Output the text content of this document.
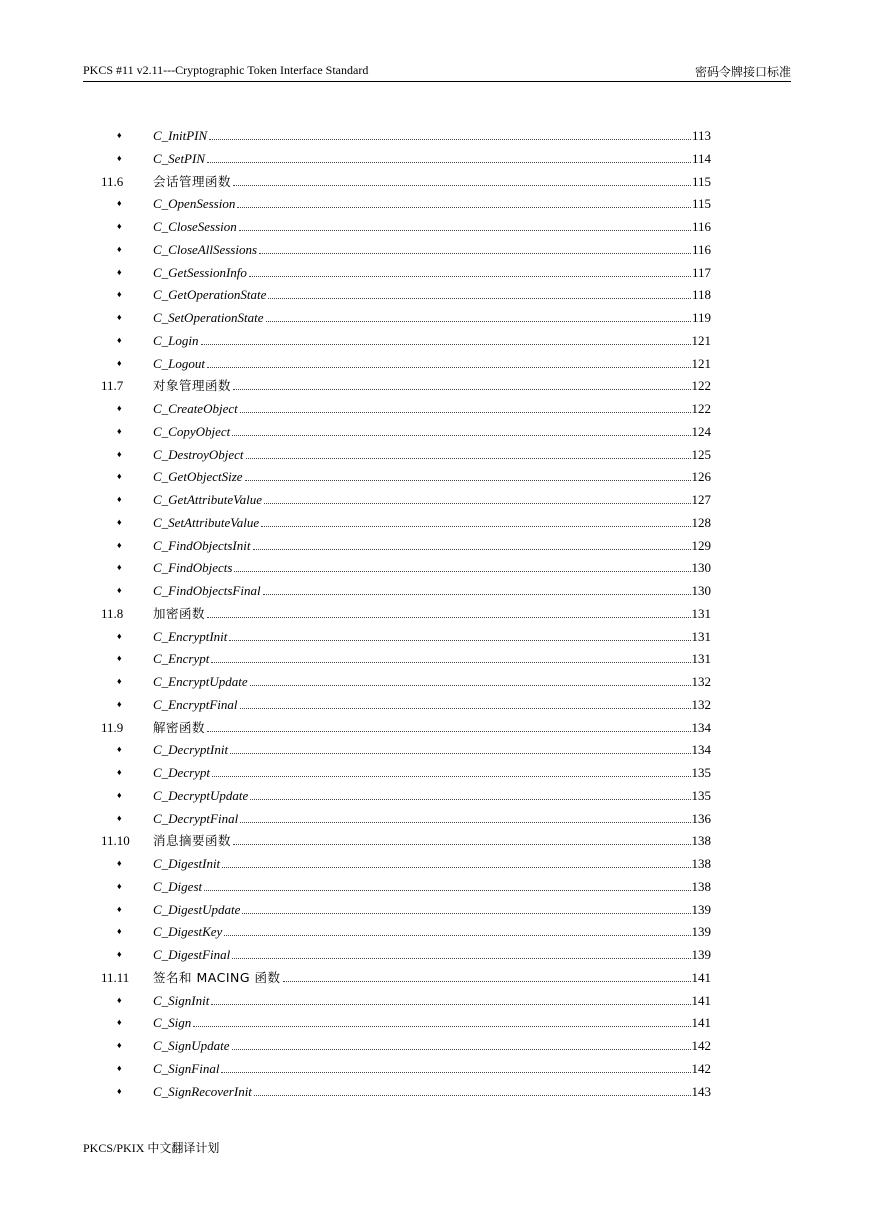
PKCS #11 v2.11---Cryptographic Token Interface Standard	密码令牌接口标准
♦ C_InitPIN	113
♦ C_SetPIN	114
11.6 会话管理函数	115
♦ C_OpenSession	115
♦ C_CloseSession	116
♦ C_CloseAllSessions	116
♦ C_GetSessionInfo	117
♦ C_GetOperationState	118
♦ C_SetOperationState	119
♦ C_Login	121
♦ C_Logout	121
11.7 对象管理函数	122
♦ C_CreateObject	122
♦ C_CopyObject	124
♦ C_DestroyObject	125
♦ C_GetObjectSize	126
♦ C_GetAttributeValue	127
♦ C_SetAttributeValue	128
♦ C_FindObjectsInit	129
♦ C_FindObjects	130
♦ C_FindObjectsFinal	130
11.8 加密函数	131
♦ C_EncryptInit	131
♦ C_Encrypt	131
♦ C_EncryptUpdate	132
♦ C_EncryptFinal	132
11.9 解密函数	134
♦ C_DecryptInit	134
♦ C_Decrypt	135
♦ C_DecryptUpdate	135
♦ C_DecryptFinal	136
11.10 消息摘要函数	138
♦ C_DigestInit	138
♦ C_Digest	138
♦ C_DigestUpdate	139
♦ C_DigestKey	139
♦ C_DigestFinal	139
11.11 签名和 MACING 函数	141
♦ C_SignInit	141
♦ C_Sign	141
♦ C_SignUpdate	142
♦ C_SignFinal	142
♦ C_SignRecoverInit	143
PKCS/PKIX 中文翻译计划
